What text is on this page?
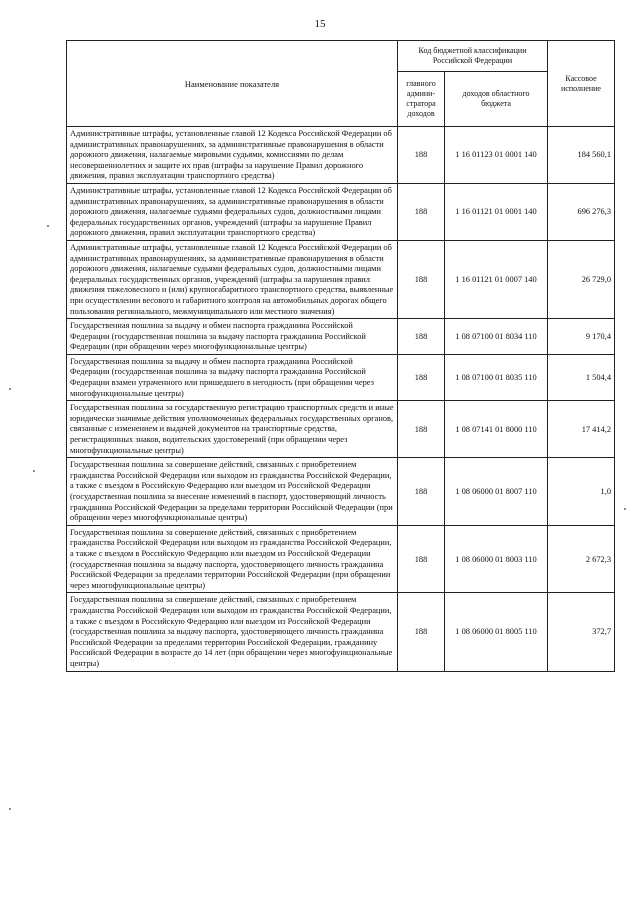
15
Наименование показателя	Код бюджетной классификации Российской Федерации		Кассовое исполнение
	главного админи-стратора доходов	доходов областного бюджета	
Административные штрафы, установленные главой 12 Кодекса Российской Федерации об административных правонарушениях, за административные правонарушения в области дорожного движения, налагаемые мировыми судьями, комиссиями по делам несовершеннолетних и защите их прав (штрафы за нарушение Правил дорожного движения, правил эксплуатации транспортного средства)	188	1 16 01123 01 0001 140	184 560,1
Административные штрафы, установленные главой 12 Кодекса Российской Федерации об административных правонарушениях, за административные правонарушения в области дорожного движения, налагаемые судьями федеральных судов, должностными лицами федеральных государственных органов, учреждений (штрафы за нарушение Правил дорожного движения, правил эксплуатации транспортного средства)	188	1 16 01121 01 0001 140	696 276,3
Административные штрафы, установленные главой 12 Кодекса Российской Федерации об административных правонарушениях, за административные правонарушения в области дорожного движения, налагаемые судьями федеральных судов, должностными лицами федеральных государственных органов, учреждений (штрафы за нарушения правил движения тяжеловесного и (или) крупногабаритного транспортного средства, выявленные при осуществлении весового и габаритного контроля на автомобильных дорогах общего пользования регионального, межмуниципального или местного значения)	188	1 16 01121 01 0007 140	26 729,0
Государственная пошлина за выдачу и обмен паспорта гражданина Российской Федерации (государственная пошлина за выдачу паспорта гражданина Российской Федерации (при обращении через многофункциональные центры)	188	1 08 07100 01 8034 110	9 170,4
Государственная пошлина за выдачу и обмен паспорта гражданина Российской Федерации (государственная пошлина за выдачу паспорта гражданина Российской Федерации взамен утраченного или пришедшего в негодность (при обращении через многофункциональные центры)	188	1 08 07100 01 8035 110	1 504,4
Государственная пошлина за государственную регистрацию транспортных средств и иные юридически значимые действия уполномоченных федеральных государственных органов, связанные с изменением и выдачей документов на транспортные средства, регистрационных знаков, водительских удостоверений (при обращении через многофункциональные центры)	188	1 08 07141 01 8000 110	17 414,2
Государственная пошлина за совершение действий, связанных с приобретением гражданства Российской Федерации или выходом из гражданства Российской Федерации, а также с въездом в Российскую Федерацию или выездом из Российской Федерации (государственная пошлина за внесение изменений в паспорт, удостоверяющий личность гражданина Российской Федерации за пределами территории Российской Федерации (при обращении через многофункциональные центры)	188	1 08 06000 01 8007 110	1,0
Государственная пошлина за совершение действий, связанных с приобретением гражданства Российской Федерации или выходом из гражданства Российской Федерации, а также с въездом в Российскую Федерацию или выездом из Российской Федерации (государственная пошлина за выдачу паспорта, удостоверяющего личность гражданина Российской Федерации за пределами территории Российской Федерации (при обращении через многофункциональные центры)	188	1 08 06000 01 8003 110	2 672,3
Государственная пошлина за совершение действий, связанных с приобретением гражданства Российской Федерации или выходом из гражданства Российской Федерации, а также с въездом в Российскую Федерацию или выездом из Российской Федерации (государственная пошлина за выдачу паспорта, удостоверяющего личность гражданина Российской Федерации за пределами территории Российской Федерации, гражданину Российской Федерации в возрасте до 14 лет (при обращении через многофункциональные центры)	188	1 08 06000 01 8005 110	372,7
